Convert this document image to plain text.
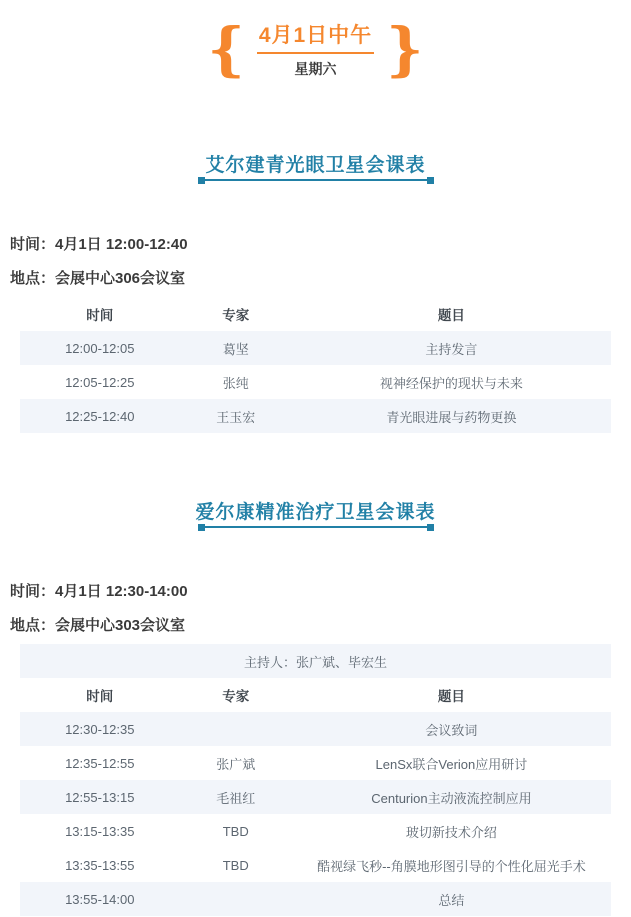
{ 4月1日中午
星期六 }
艾尔建青光眼卫星会课表

时间：4月1日 12:00-12:40

地点：会展中心306会议室

时间	专家	题目
12:00-12:05	葛坚	主持发言
12:05-12:25	张纯	视神经保护的现状与未来
12:25-12:40	王玉宏	青光眼进展与药物更换
爱尔康精准治疗卫星会课表

时间：4月1日 12:30-14:00

地点：会展中心303会议室

主持人：张广斌、毕宏生		
时间	专家	题目
12:30-12:35		会议致词
12:35-12:55	张广斌	LenSx联合Verion应用研讨
12:55-13:15	毛祖红	Centurion主动液流控制应用
13:15-13:35	TBD	玻切新技术介绍
13:35-13:55	TBD	酷视绿飞秒--角膜地形图引导的个性化屈光手术
13:55-14:00		总结
